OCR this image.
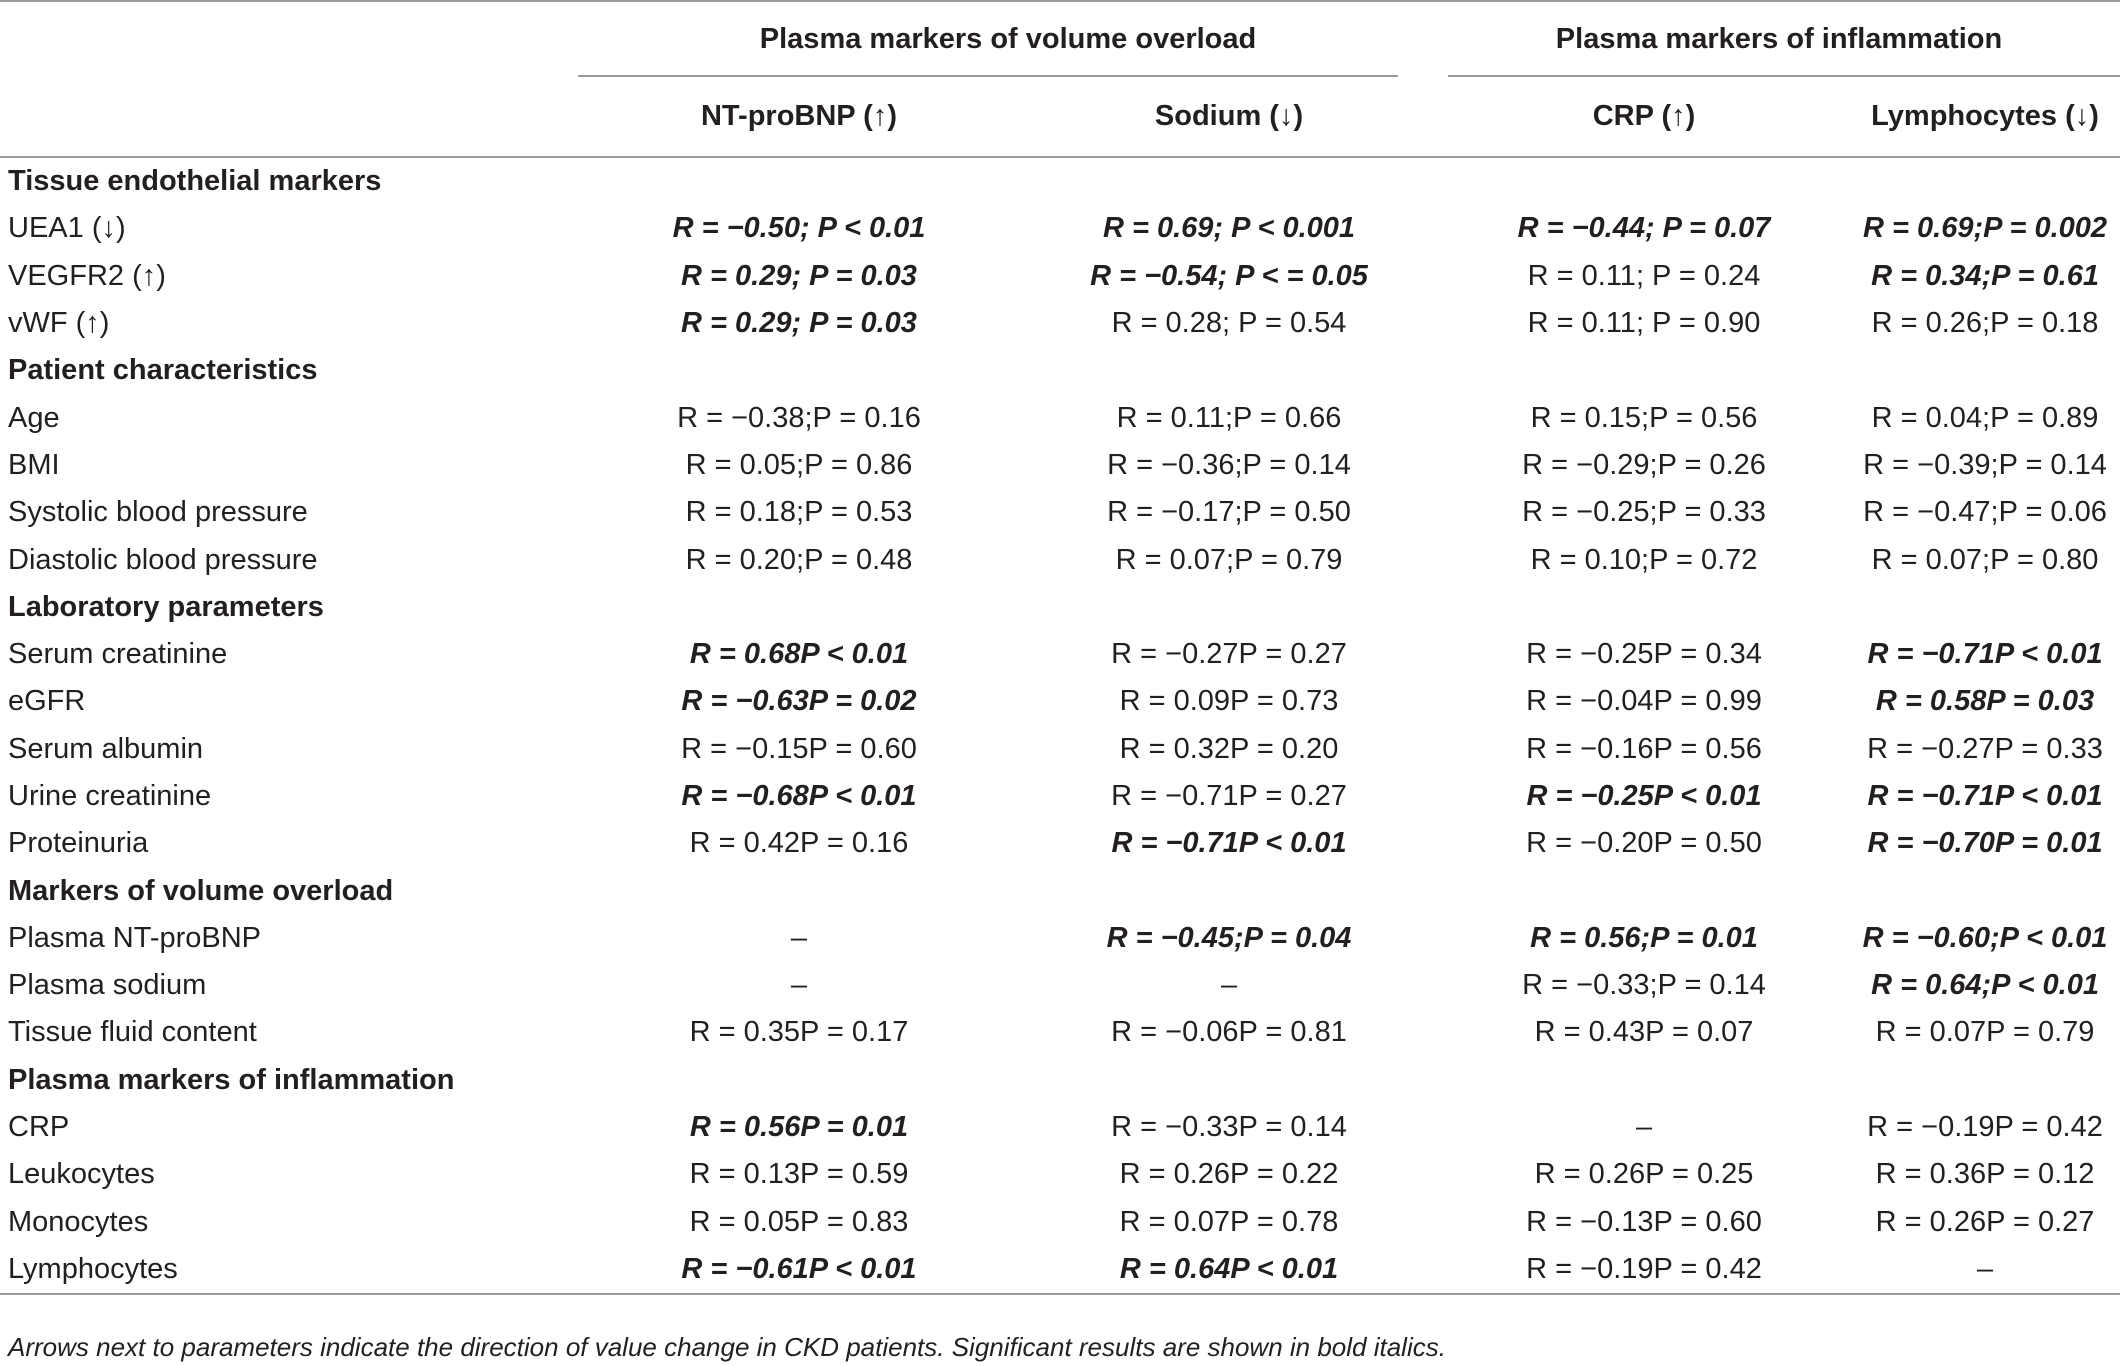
	Plasma markers of volume overload		Plasma markers of inflammation	

	NT-proBNP (↑)	Sodium (↓)	CRP (↑)	Lymphocytes (↓)
Tissue endothelial markers				
UEA1 (↓)	R = −0.50; P < 0.01	R = 0.69; P < 0.001	R = −0.44; P = 0.07	R = 0.69;P = 0.002
VEGFR2 (↑)	R = 0.29; P = 0.03	R = −0.54; P < = 0.05	R = 0.11; P = 0.24	R = 0.34;P = 0.61
vWF (↑)	R = 0.29; P = 0.03	R = 0.28; P = 0.54	R = 0.11; P = 0.90	R = 0.26;P = 0.18
Patient characteristics				
Age	R = −0.38;P = 0.16	R = 0.11;P = 0.66	R = 0.15;P = 0.56	R = 0.04;P = 0.89
BMI	R = 0.05;P = 0.86	R = −0.36;P = 0.14	R = −0.29;P = 0.26	R = −0.39;P = 0.14
Systolic blood pressure	R = 0.18;P = 0.53	R = −0.17;P = 0.50	R = −0.25;P = 0.33	R = −0.47;P = 0.06
Diastolic blood pressure	R = 0.20;P = 0.48	R = 0.07;P = 0.79	R = 0.10;P = 0.72	R = 0.07;P = 0.80
Laboratory parameters				
Serum creatinine	R = 0.68P < 0.01	R = −0.27P = 0.27	R = −0.25P = 0.34	R = −0.71P < 0.01
eGFR	R = −0.63P = 0.02	R = 0.09P = 0.73	R = −0.04P = 0.99	R = 0.58P = 0.03
Serum albumin	R = −0.15P = 0.60	R = 0.32P = 0.20	R = −0.16P = 0.56	R = −0.27P = 0.33
Urine creatinine	R = −0.68P < 0.01	R = −0.71P = 0.27	R = −0.25P < 0.01	R = −0.71P < 0.01
Proteinuria	R = 0.42P = 0.16	R = −0.71P < 0.01	R = −0.20P = 0.50	R = −0.70P = 0.01
Markers of volume overload				
Plasma NT-proBNP	–	R = −0.45;P = 0.04	R = 0.56;P = 0.01	R = −0.60;P < 0.01
Plasma sodium	–	–	R = −0.33;P = 0.14	R = 0.64;P < 0.01
Tissue fluid content	R = 0.35P = 0.17	R = −0.06P = 0.81	R = 0.43P = 0.07	R = 0.07P = 0.79
Plasma markers of inflammation				
CRP	R = 0.56P = 0.01	R = −0.33P = 0.14	–	R = −0.19P = 0.42
Leukocytes	R = 0.13P = 0.59	R = 0.26P = 0.22	R = 0.26P = 0.25	R = 0.36P = 0.12
Monocytes	R = 0.05P = 0.83	R = 0.07P = 0.78	R = −0.13P = 0.60	R = 0.26P = 0.27
Lymphocytes	R = −0.61P < 0.01	R = 0.64P < 0.01	R = −0.19P = 0.42	–
Arrows next to parameters indicate the direction of value change in CKD patients. Significant results are shown in bold italics.
